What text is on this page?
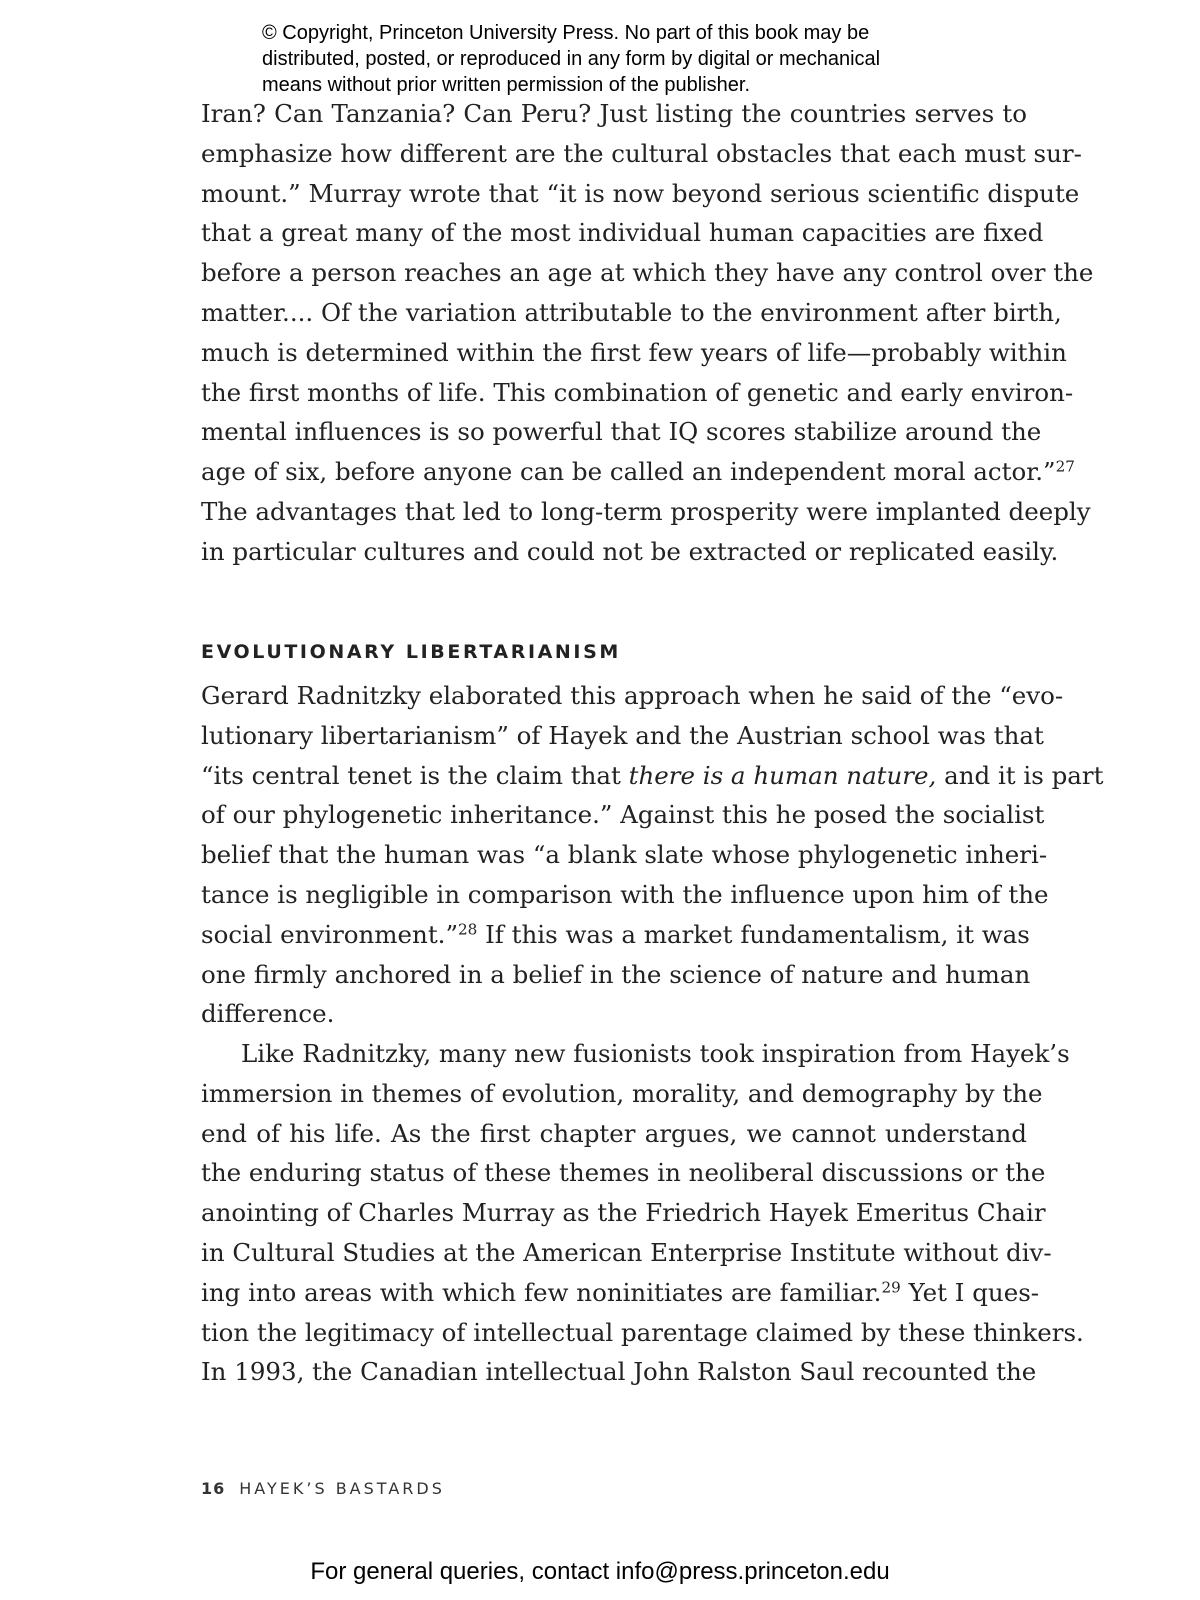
© Copyright, Princeton University Press. No part of this book may be
distributed, posted, or reproduced in any form by digital or mechanical
means without prior written permission of the publisher.
Iran? Can Tanzania? Can Peru? Just listing the countries serves to
emphasize how different are the cultural obstacles that each must sur-
mount.” Murray wrote that “it is now beyond serious scientific dispute
that a great many of the most individual human capacities are fixed
before a person reaches an age at which they have any control over the
matter.... Of the variation attributable to the environment after birth,
much is determined within the first few years of life—probably within
the first months of life. This combination of genetic and early environ-
mental influences is so powerful that IQ scores stabilize around the
age of six, before anyone can be called an independent moral actor.”$^{27}$
The advantages that led to long-term prosperity were implanted deeply
in particular cultures and could not be extracted or replicated easily.
EVOLUTIONARY LIBERTARIANISM
Gerard Radnitzky elaborated this approach when he said of the “evo-
lutionary libertarianism” of Hayek and the Austrian school was that
“its central tenet is the claim that there is a human nature, and it is part
of our phylogenetic inheritance.” Against this he posed the socialist
belief that the human was “a blank slate whose phylogenetic inheri-
tance is negligible in comparison with the influence upon him of the
social environment.”$^{28}$ If this was a market fundamentalism, it was
one firmly anchored in a belief in the science of nature and human
difference.
Like Radnitzky, many new fusionists took inspiration from Hayek’s
immersion in themes of evolution, morality, and demography by the
end of his life. As the first chapter argues, we cannot understand
the enduring status of these themes in neoliberal discussions or the
anointing of Charles Murray as the Friedrich Hayek Emeritus Chair
in Cultural Studies at the American Enterprise Institute without div-
ing into areas with which few noninitiates are familiar.$^{29}$ Yet I ques-
tion the legitimacy of intellectual parentage claimed by these thinkers.
In 1993, the Canadian intellectual John Ralston Saul recounted the
16 HAYEK’S BASTARDS
For general queries, contact info@press.princeton.edu
